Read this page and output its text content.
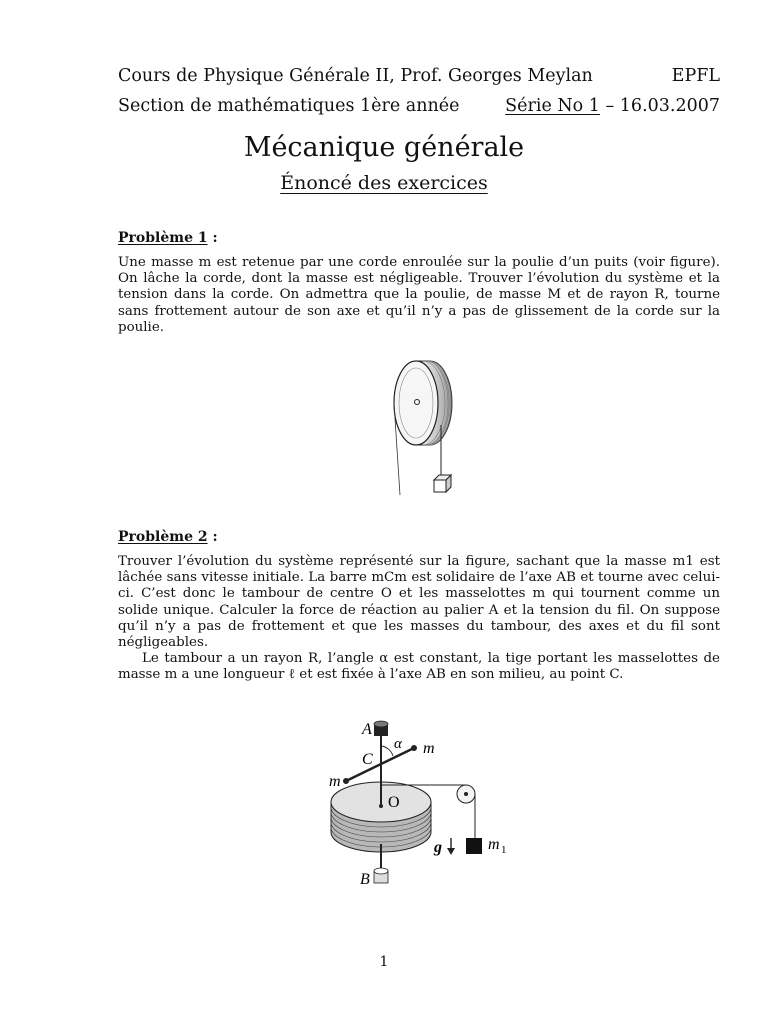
Cours de Physique Générale II, Prof. Georges Meylan	EPFL
Section de mathématiques 1ère année	Série No 1 – 16.03.2007
Mécanique générale
Énoncé des exercices
Problème 1 :

Une masse m est retenue par une corde enroulée sur la poulie d’un puits (voir figure). On lâche la corde, dont la masse est négligeable. Trouver l’évolution du système et la tension dans la corde. On admettra que la poulie, de masse M et de rayon R, tourne sans frottement autour de son axe et qu’il n’y a pas de glissement de la corde sur la poulie.

Problème 2 :

Trouver l’évolution du système représenté sur la figure, sachant que la masse m1 est lâchée sans vitesse initiale. La barre mCm est solidaire de l’axe AB et tourne avec celui-ci. C’est donc le tambour de centre O et les masselottes m qui tournent comme un solide unique. Calculer la force de réaction au palier A et la tension du fil. On suppose qu’il n’y a pas de frottement et que les masses du tambour, des axes et du fil sont négligeables.

Le tambour a un rayon R, l’angle α est constant, la tige portant les masselottes de masse m a une longueur ℓ et est fixée à l’axe AB en son milieu, au point C.

A
α m
C
m
O
g	m 1
B
1
